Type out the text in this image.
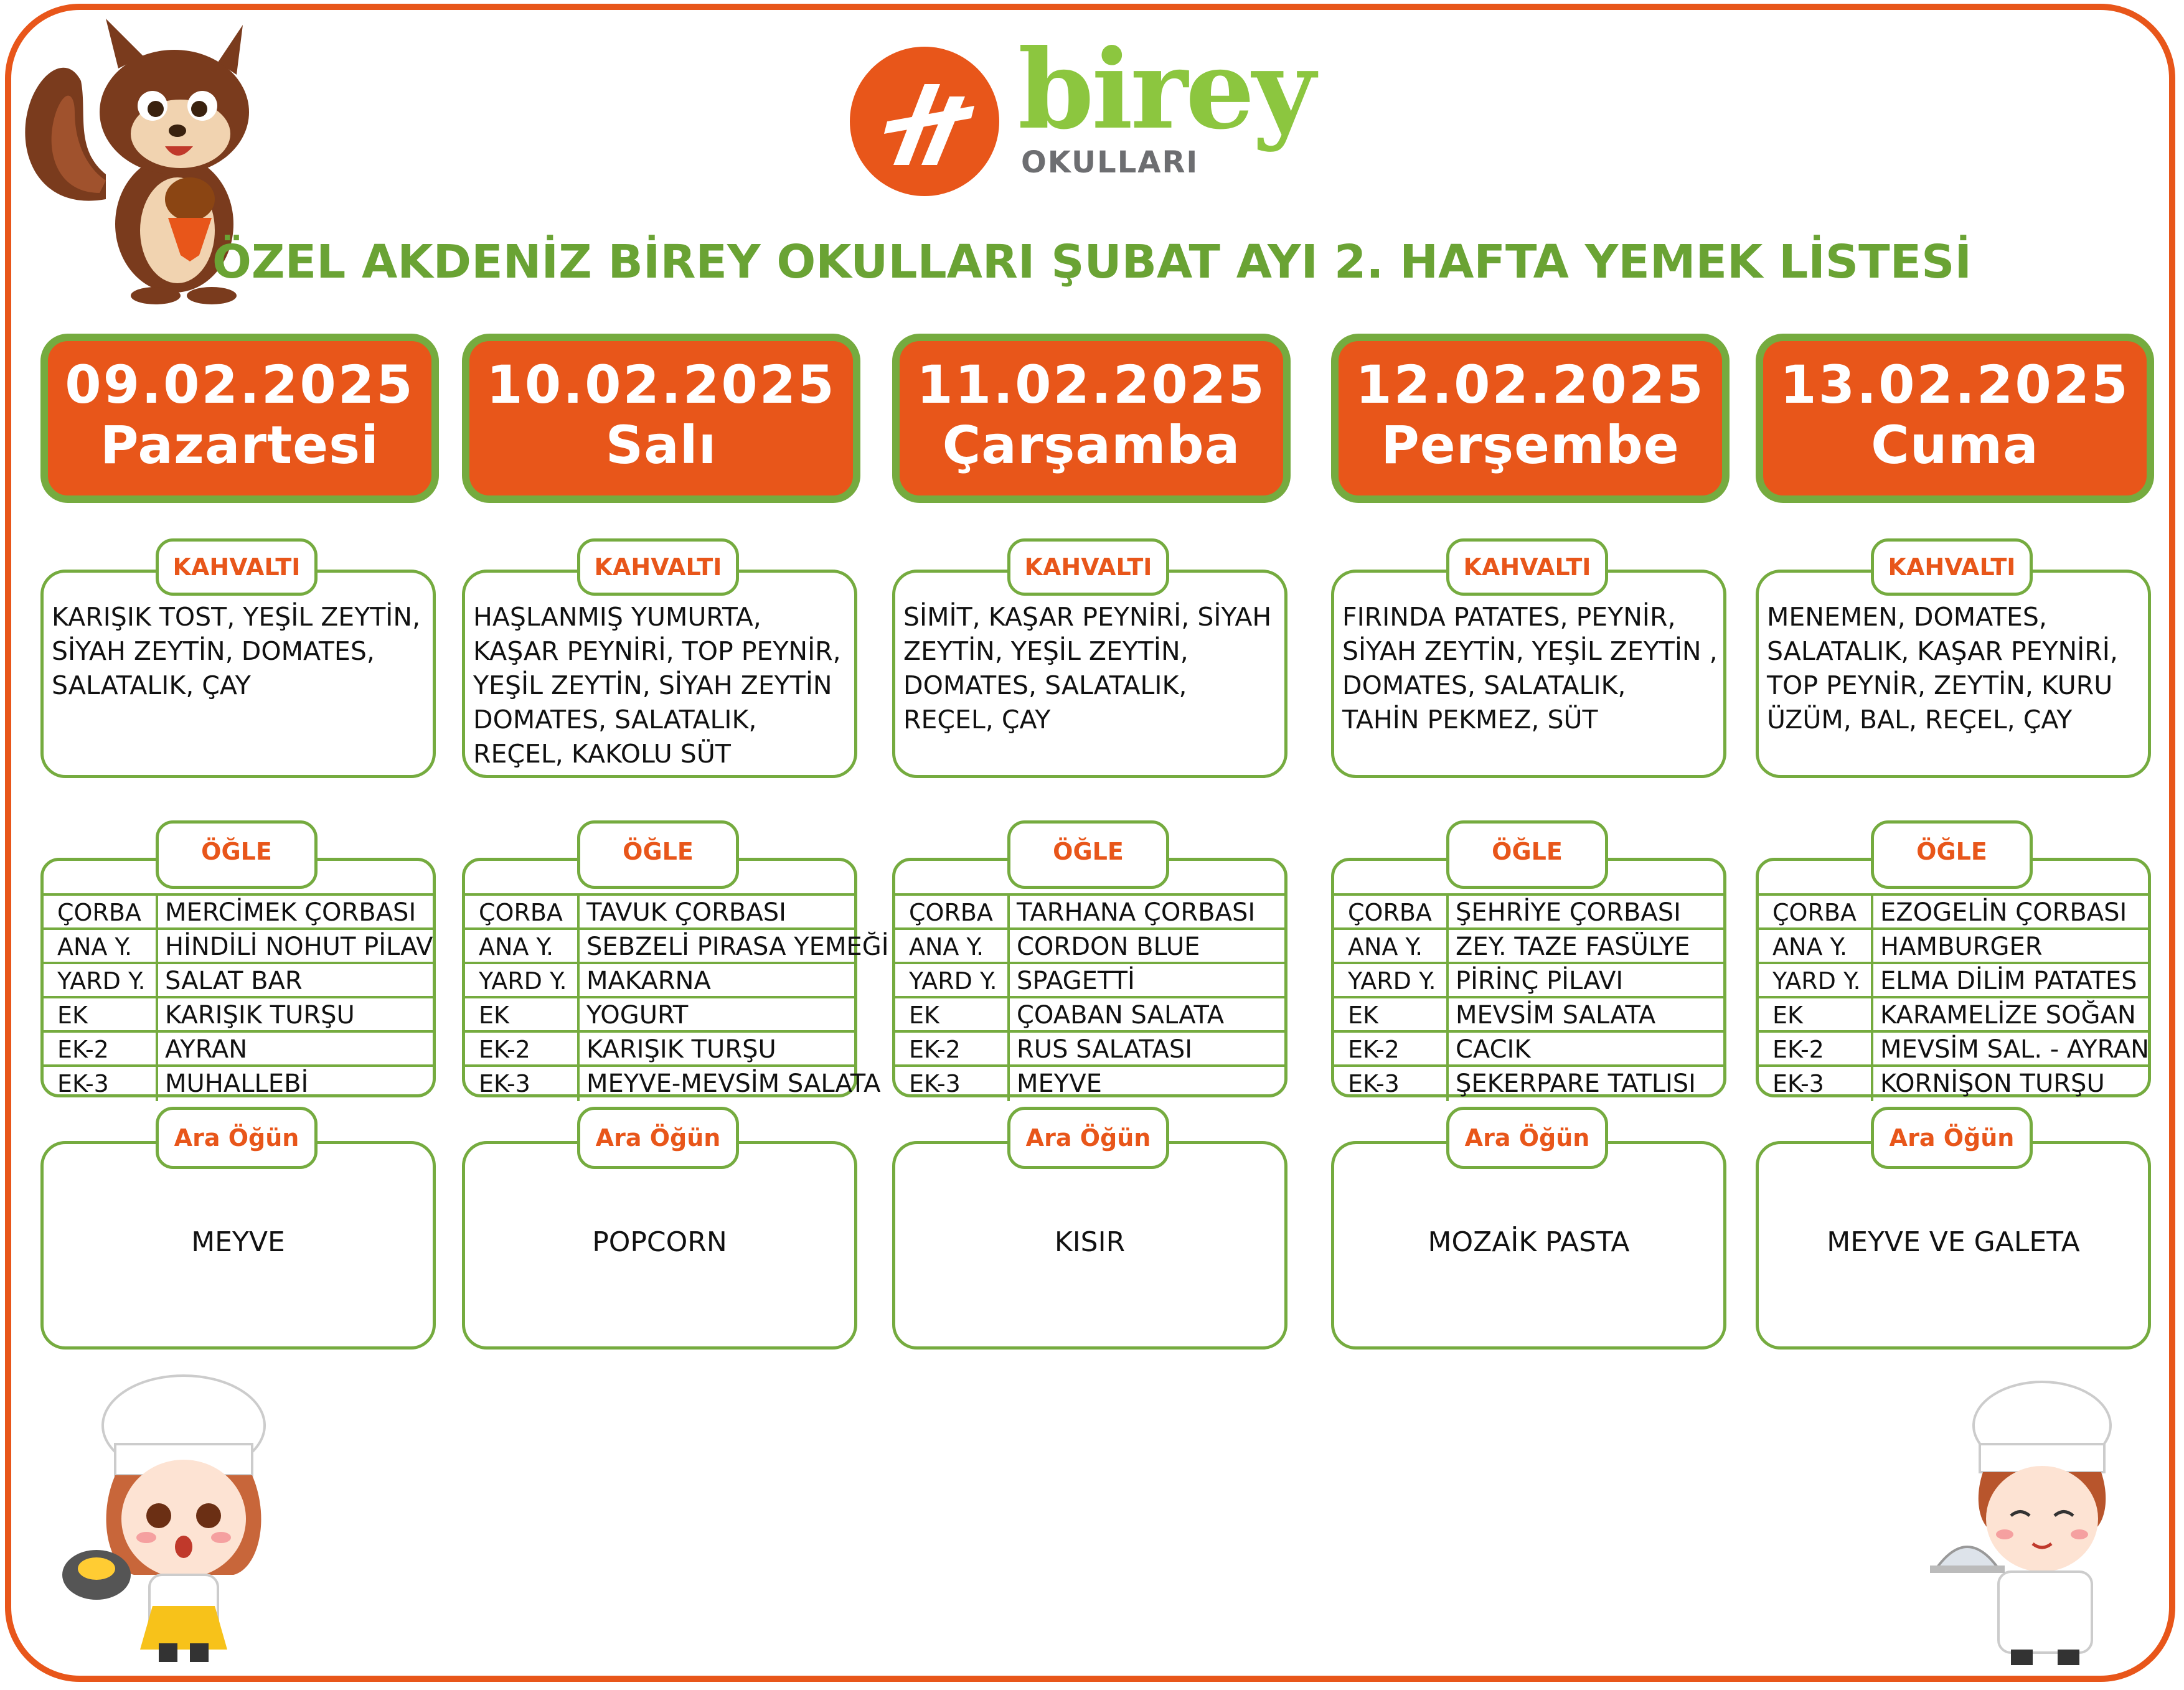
birey
OKULLARI
ÖZEL AKDENİZ BİREY OKULLARI ŞUBAT AYI 2. HAFTA YEMEK LİSTESİ
09.02.2025
Pazartesi
KAHVALTI
KARIŞIK TOST, YEŞİL ZEYTİN,
SİYAH ZEYTİN, DOMATES,
SALATALIK, ÇAY
ÇORBA MERCİMEK ÇORBASI
ANA Y. HİNDİLİ NOHUT PİLAV
YARD Y. SALAT BAR
EK	KARIŞIK TURŞU
EK-2 AYRAN
EK-3 MUHALLEBİ
ÖĞLE
Ara Öğün
MEYVE
10.02.2025
Salı
KAHVALTI
HAŞLANMIŞ YUMURTA,
KAŞAR PEYNİRİ, TOP PEYNİR,
YEŞİL ZEYTİN, SİYAH ZEYTİN
DOMATES, SALATALIK,
REÇEL, KAKOLU SÜT
ÇORBA TAVUK ÇORBASI
ANA Y. SEBZELİ PIRASA YEMEĞİ
YARD Y. MAKARNA
EK	YOGURT
EK-2 KARIŞIK TURŞU
EK-3 MEYVE-MEVSİM SALATA
ÖĞLE
Ara Öğün
POPCORN
11.02.2025
Çarşamba
KAHVALTI
SİMİT, KAŞAR PEYNİRİ, SİYAH
ZEYTİN, YEŞİL ZEYTİN,
DOMATES, SALATALIK,
REÇEL, ÇAY
ÇORBA TARHANA ÇORBASI
ANA Y. CORDON BLUE
YARD Y. SPAGETTİ
EK	ÇOABAN SALATA
EK-2 RUS SALATASI
EK-3 MEYVE
ÖĞLE
Ara Öğün
KISIR
12.02.2025
Perşembe
KAHVALTI
FIRINDA PATATES, PEYNİR,
SİYAH ZEYTİN, YEŞİL ZEYTİN ,
DOMATES, SALATALIK,
TAHİN PEKMEZ, SÜT
ÇORBA ŞEHRİYE ÇORBASI
ANA Y. ZEY. TAZE FASÜLYE
YARD Y. PİRİNÇ PİLAVI
EK	MEVSİM SALATA
EK-2 CACIK
EK-3 ŞEKERPARE TATLISI
ÖĞLE
Ara Öğün
MOZAİK PASTA
13.02.2025
Cuma
KAHVALTI
MENEMEN, DOMATES,
SALATALIK, KAŞAR PEYNİRİ,
TOP PEYNİR, ZEYTİN, KURU
ÜZÜM, BAL, REÇEL, ÇAY
ÇORBA EZOGELİN ÇORBASI
ANA Y. HAMBURGER
YARD Y. ELMA DİLİM PATATES
EK	KARAMELİZE SOĞAN
EK-2 MEVSİM SAL. - AYRAN
EK-3 KORNİŞON TURŞU
ÖĞLE
Ara Öğün
MEYVE VE GALETA
